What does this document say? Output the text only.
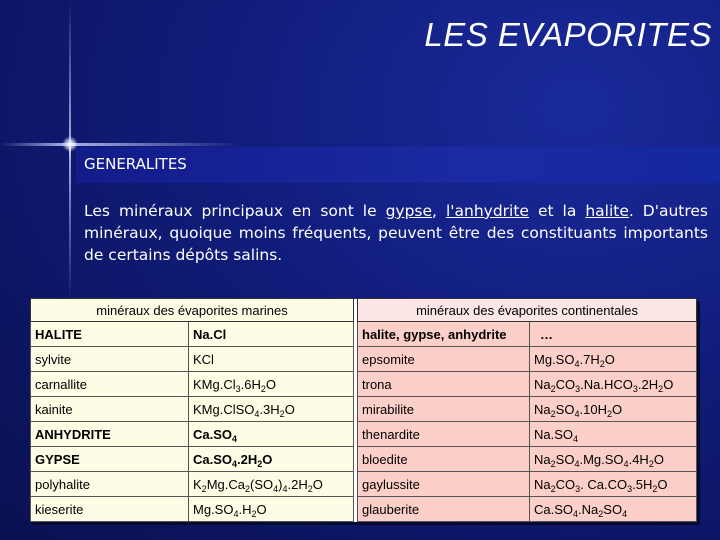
LES EVAPORITES
GENERALITES
Les minéraux principaux en sont le gypse, l'anhydrite et la halite. D'autres minéraux, quoique moins fréquents, peuvent être des constituants importants de certains dépôts salins.
minéraux des évaporites marines			minéraux des évaporites continentales	
HALITE	Na.Cl		halite, gypse, anhydrite	…
sylvite	KCl		epsomite	$Mg.SO_4.7H_2O$
carnallite	$KMg.Cl_3.6H_2O$		trona	$Na_2CO_3.Na.HCO_3.2H_2O$
kainite	$KMg.ClSO_4.3H_2O$		mirabilite	$Na_2SO_4.10H_2O$
ANHYDRITE	$Ca.SO_4$		thenardite	$Na.SO_4$
GYPSE	$Ca.SO_4.2H_2O$		bloedite	$Na_2SO_4.Mg.SO_4.4H_2O$
polyhalite	$K_2Mg.Ca_2(SO_4)_4.2H_2O$		gaylussite	$Na_2CO_3$. $Ca.CO_3.5H_2O$
kieserite	$Mg.SO_4.H_2O$		glauberite	$Ca.SO_4.Na_2SO_4$
